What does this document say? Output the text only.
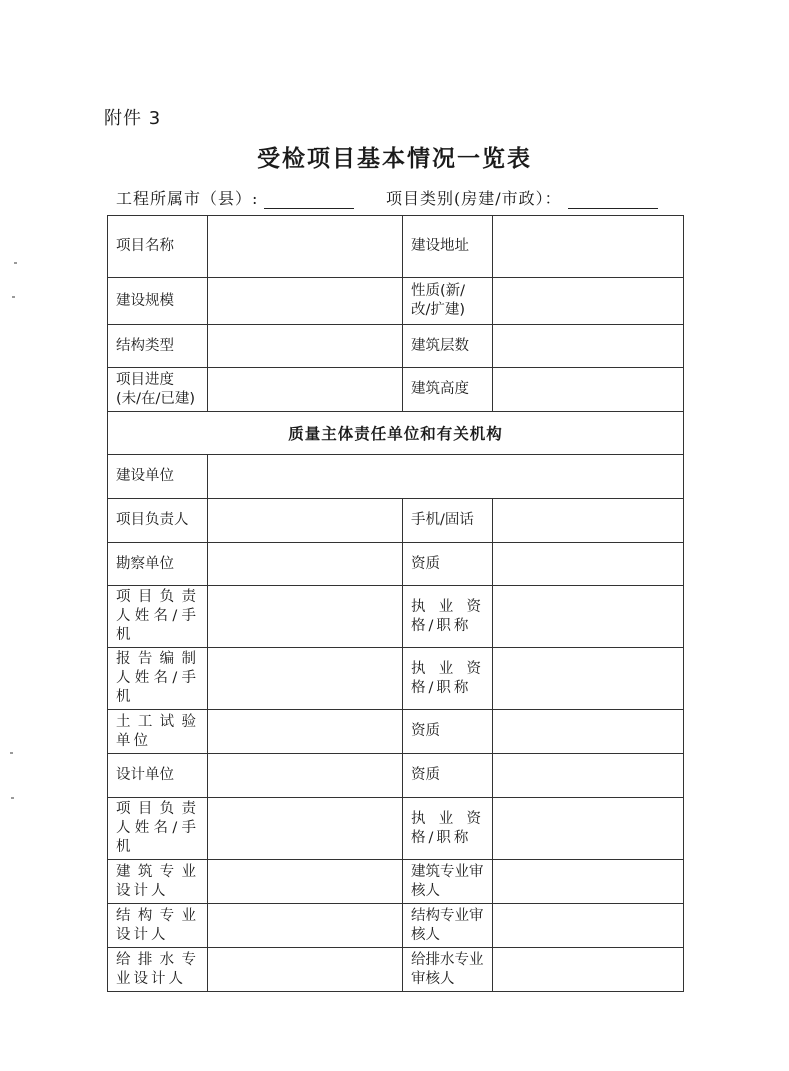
附件 3
受检项目基本情况一览表
工程所属市（县）:	项目类别(房建/市政）：
项目名称		建设地址	
建设规模		性质(新/改/扩建)	
结构类型		建筑层数	
项目进度(未/在/已建)		建筑高度	
质量主体责任单位和有关机构			
建设单位			
项目负责人		手机/固话	
勘察单位		资质	
项目负责人姓名/手机		执业资格/职称	
报告编制人姓名/手机		执业资格/职称	
土工试验单位		资质	
设计单位		资质	
项目负责人姓名/手机		执业资格/职称	
建筑专业设计人		建筑专业审核人	
结构专业设计人		结构专业审核人	
给排水专业设计人		给排水专业审核人	
